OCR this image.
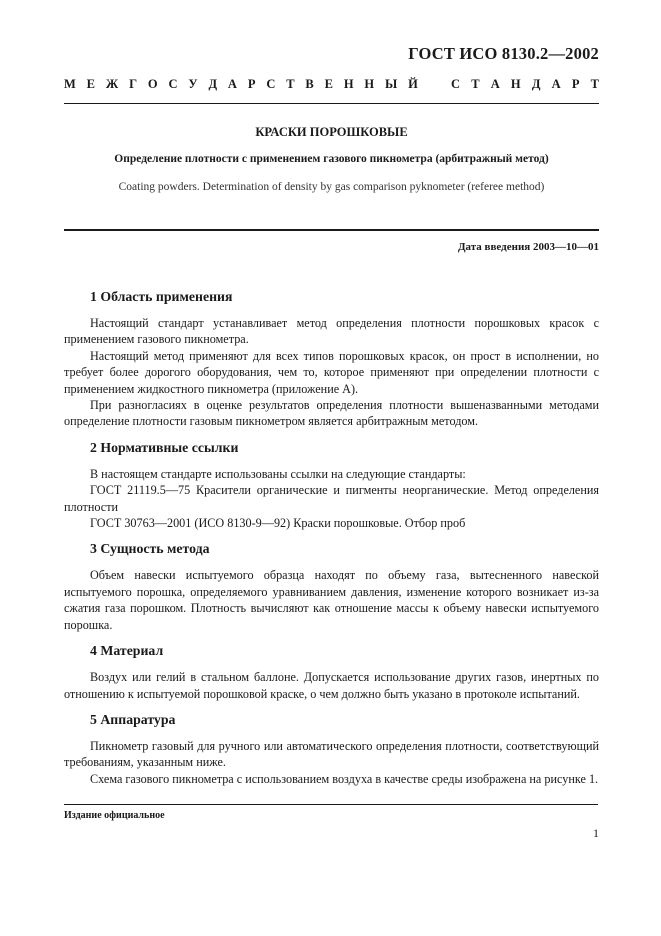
ГОСТ ИСО 8130.2—2002
М Е Ж Г О С У Д А Р С Т В Е Н Н Ы Й	С Т А Н Д А Р Т
КРАСКИ ПОРОШКОВЫЕ
Определение плотности с применением газового пикнометра (арбитражный метод)
Coating powders. Determination of density by gas comparison pyknometer (referee method)
Дата введения 2003—10—01
1 Область применения

Настоящий стандарт устанавливает метод определения плотности порошковых красок с применением газового пикнометра.

Настоящий метод применяют для всех типов порошковых красок, он прост в исполнении, но требует более дорогого оборудования, чем то, которое применяют при определении плотности с применением жидкостного пикнометра (приложение А).

При разногласиях в оценке результатов определения плотности вышеназванными методами определение плотности газовым пикнометром является арбитражным методом.

2 Нормативные ссылки

В настоящем стандарте использованы ссылки на следующие стандарты:

ГОСТ 21119.5—75 Красители органические и пигменты неорганические. Метод определения плотности

ГОСТ 30763—2001 (ИСО 8130-9—92) Краски порошковые. Отбор проб

3 Сущность метода

Объем навески испытуемого образца находят по объему газа, вытесненного навеской испытуемого порошка, определяемого уравниванием давления, изменение которого возникает из-за сжатия газа порошком. Плотность вычисляют как отношение массы к объему навески испытуемого порошка.

4 Материал

Воздух или гелий в стальном баллоне. Допускается использование других газов, инертных по отношению к испытуемой порошковой краске, о чем должно быть указано в протоколе испытаний.

5 Аппаратура

Пикнометр газовый для ручного или автоматического определения плотности, соответствующий требованиям, указанным ниже.

Схема газового пикнометра с использованием воздуха в качестве среды изображена на рисунке 1.

Издание официальное
1
